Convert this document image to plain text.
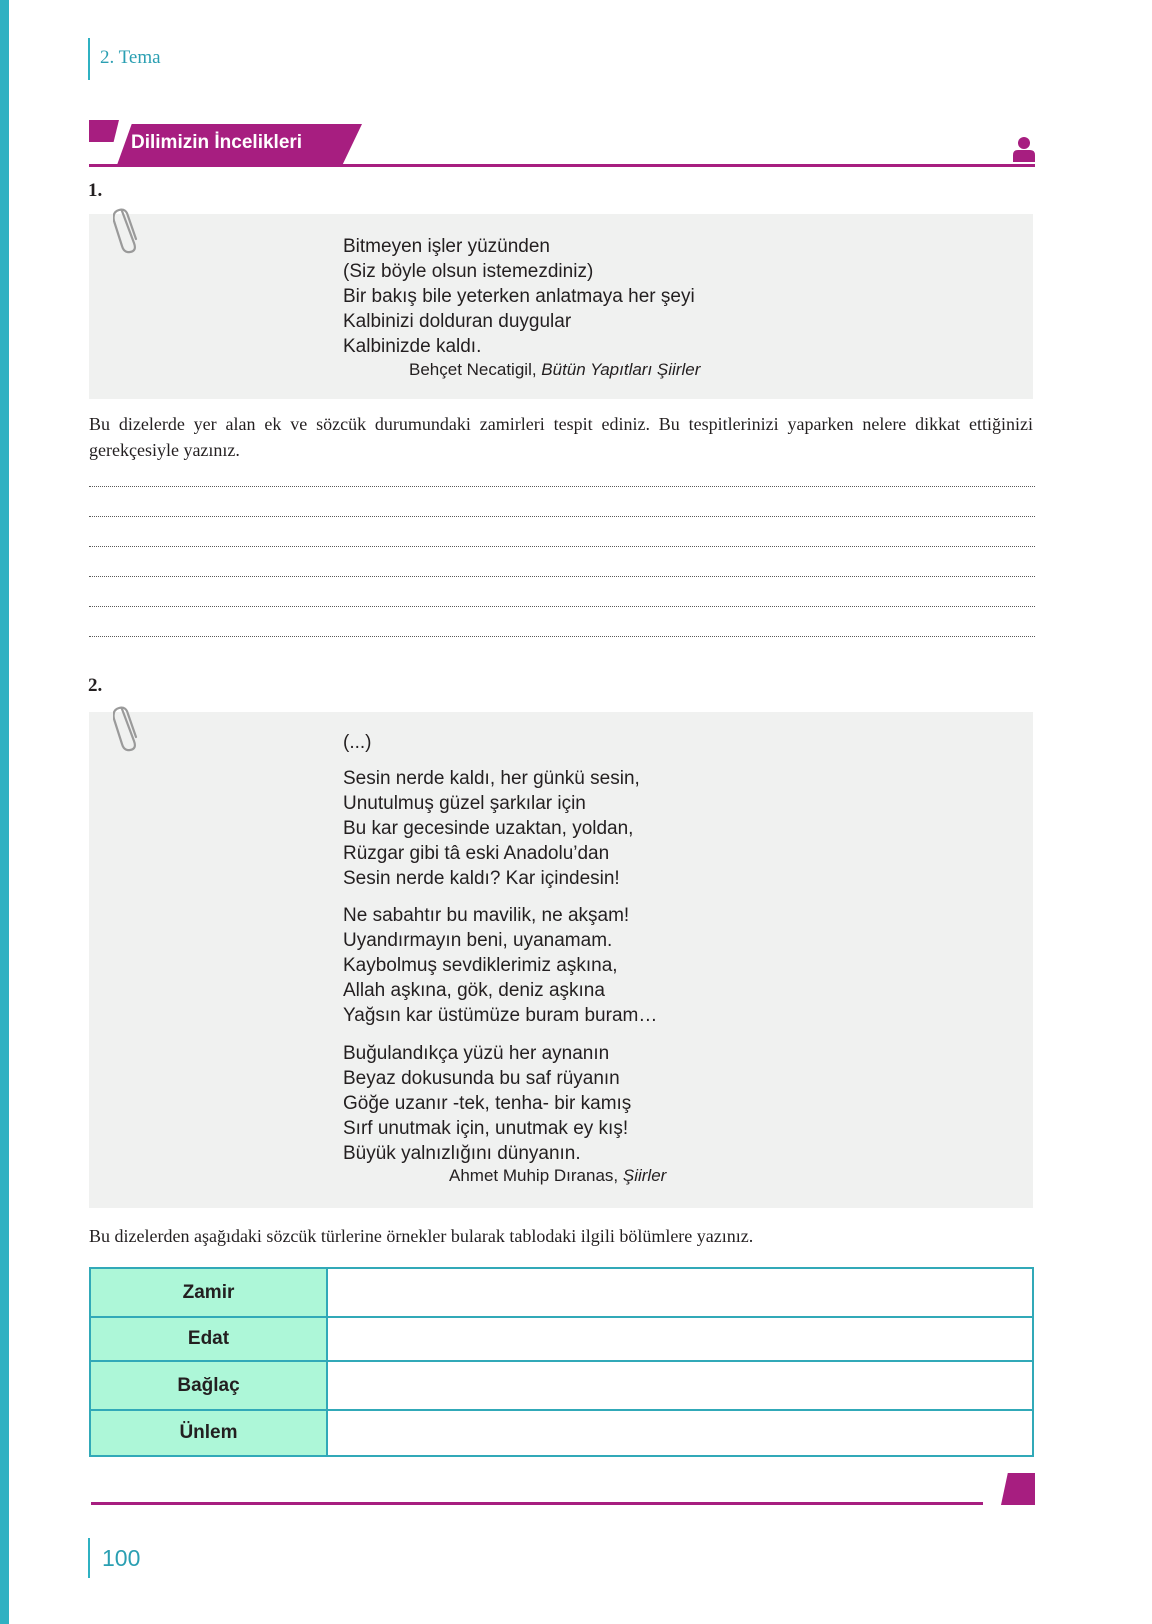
2. Tema
Dilimizin İncelikleri
1.
Bitmeyen işler yüzünden
(Siz böyle olsun istemezdiniz)
Bir bakış bile yeterken anlatmaya her şeyi
Kalbinizi dolduran duygular
Kalbinizde kaldı.
Behçet Necatigil, Bütün Yapıtları Şiirler
Bu dizelerde yer alan ek ve sözcük durumundaki zamirleri tespit ediniz. Bu tespitlerinizi yaparken nelere dikkat ettiğinizi gerekçesiyle yazınız.
2.
(...)
Sesin nerde kaldı, her günkü sesin,
Unutulmuş güzel şarkılar için
Bu kar gecesinde uzaktan, yoldan,
Rüzgar gibi tâ eski Anadolu’dan
Sesin nerde kaldı? Kar içindesin!
Ne sabahtır bu mavilik, ne akşam!
Uyandırmayın beni, uyanamam.
Kaybolmuş sevdiklerimiz aşkına,
Allah aşkına, gök, deniz aşkına
Yağsın kar üstümüze buram buram…
Buğulandıkça yüzü her aynanın
Beyaz dokusunda bu saf rüyanın
Göğe uzanır -tek, tenha- bir kamış
Sırf unutmak için, unutmak ey kış!
Büyük yalnızlığını dünyanın.
Ahmet Muhip Dıranas, Şiirler
Bu dizelerden aşağıdaki sözcük türlerine örnekler bularak tablodaki ilgili bölümlere yazınız.
Zamir	
Edat	
Bağlaç	
Ünlem	
100
